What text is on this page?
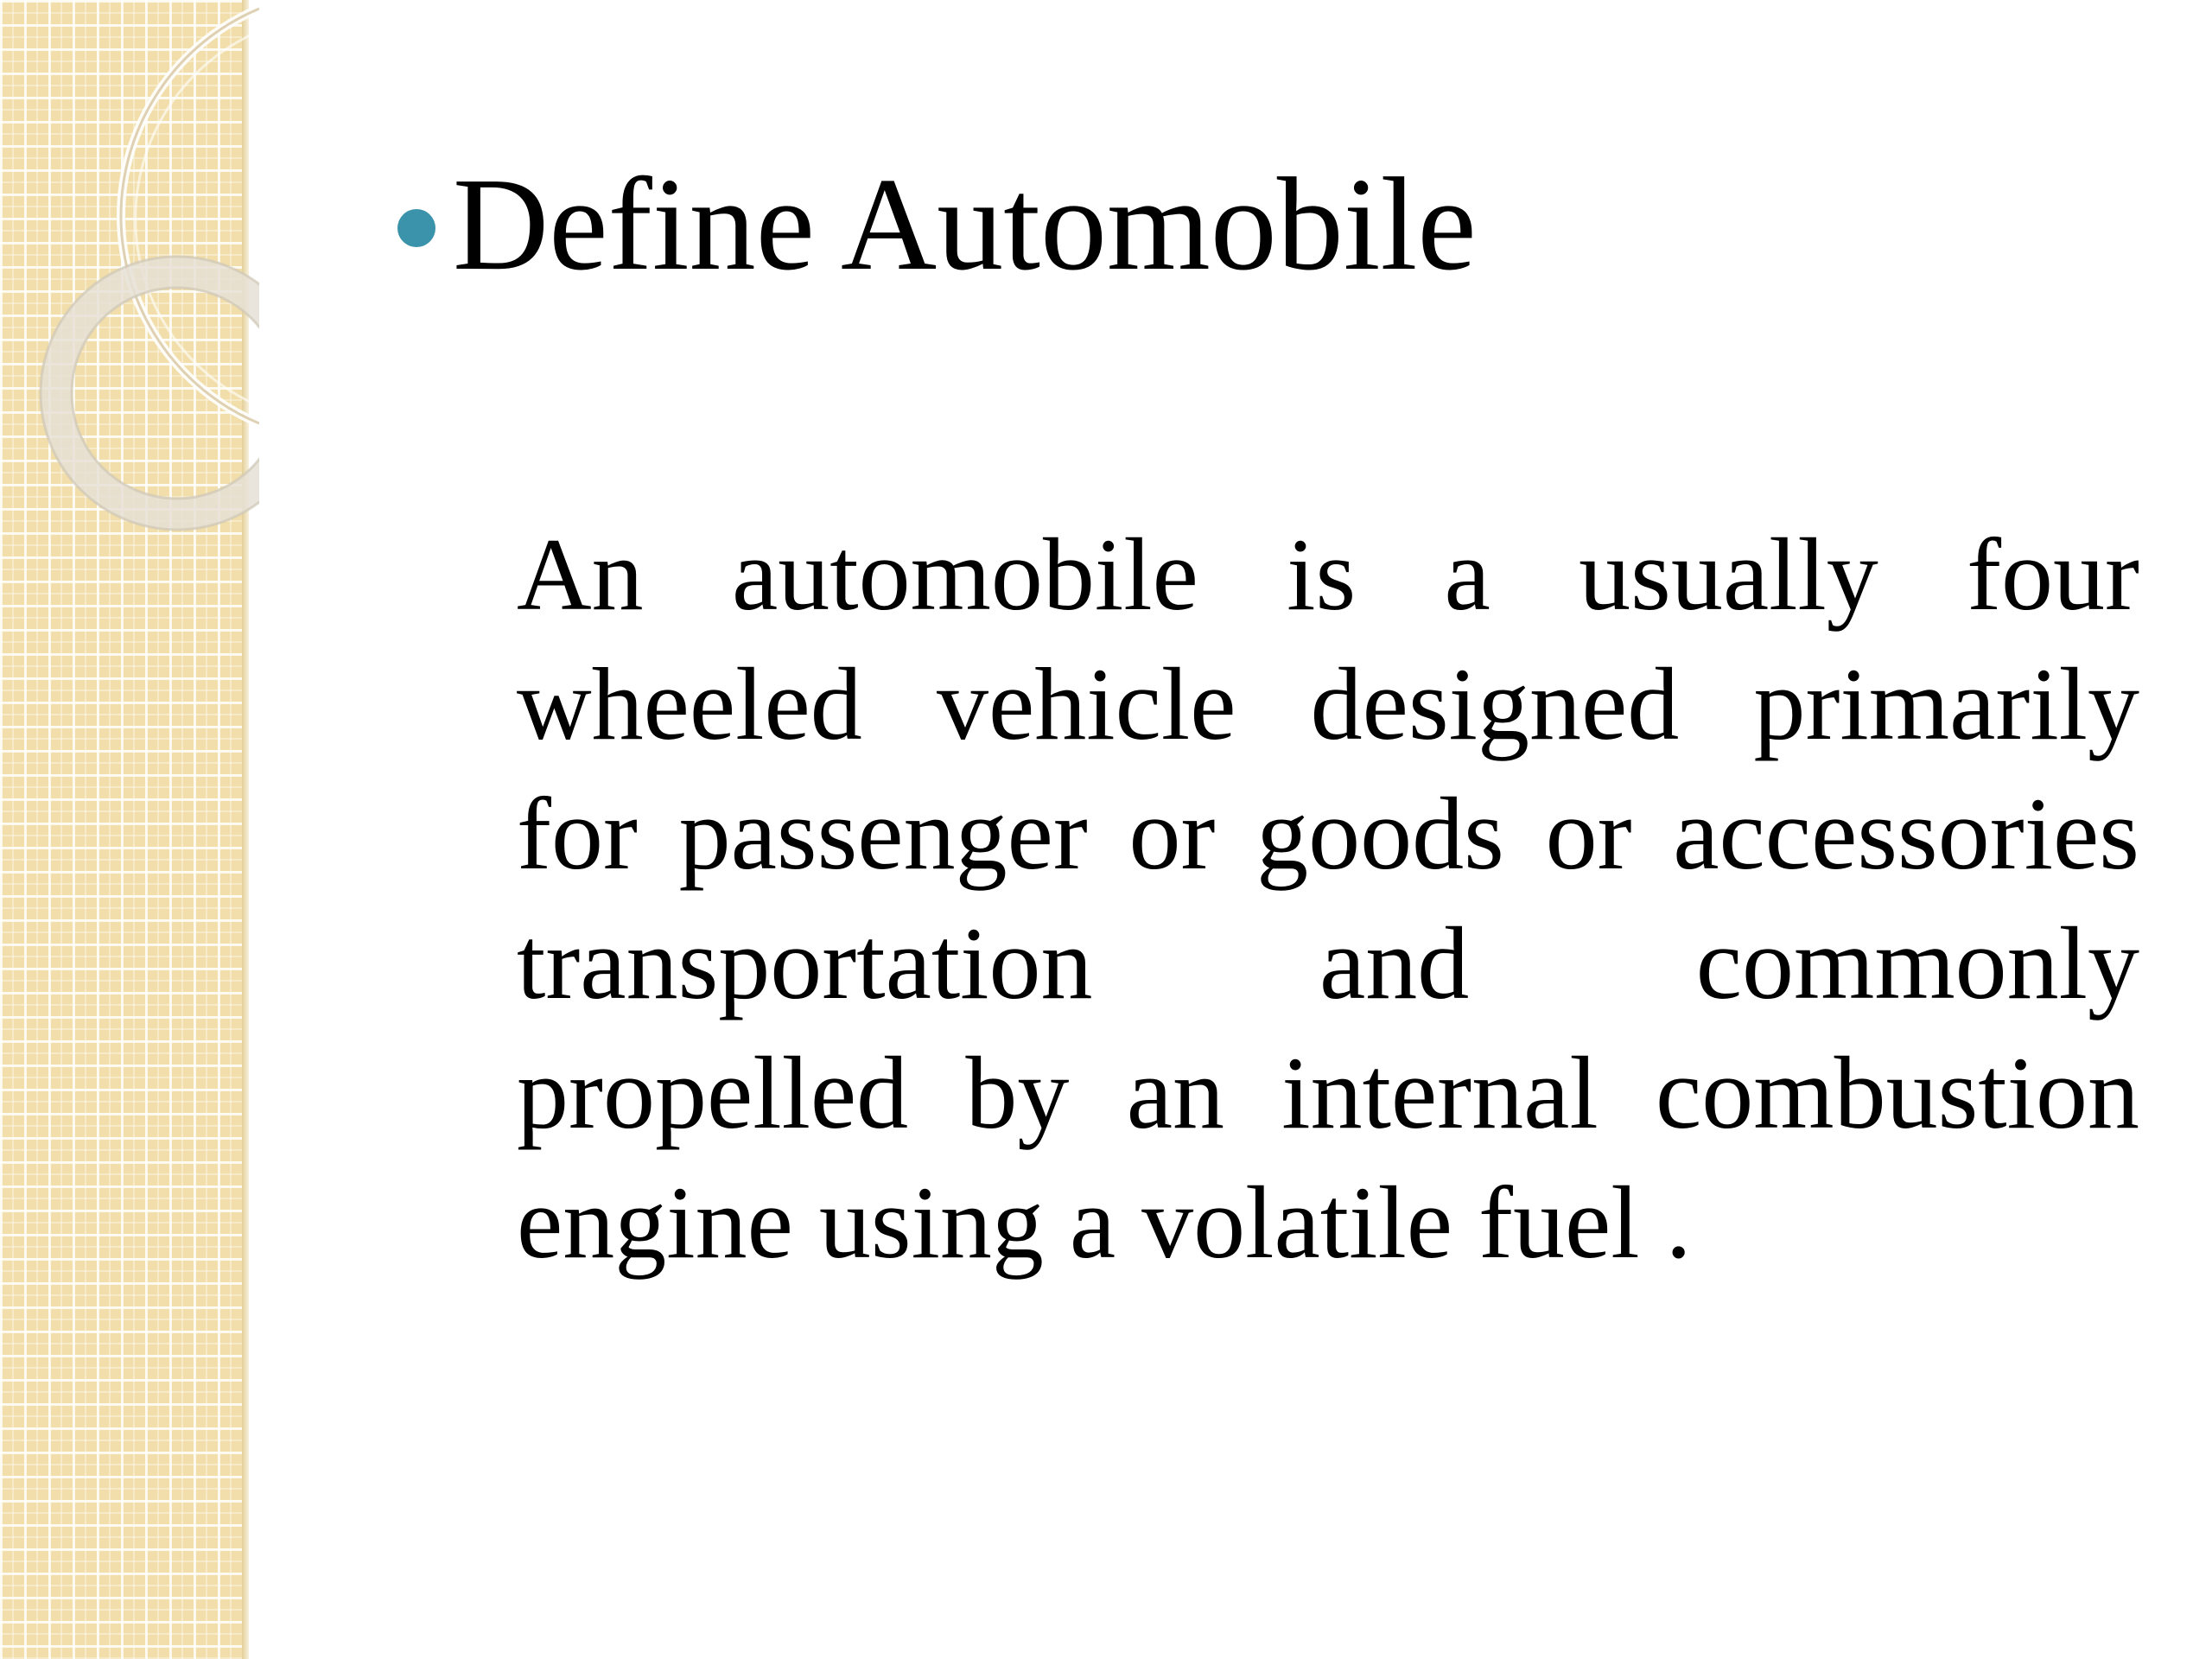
Define Automobile
An automobile is a usually four
wheeled vehicle designed primarily
for passenger or goods or accessories
transportation and commonly
propelled by an internal combustion
engine using a volatile fuel .
